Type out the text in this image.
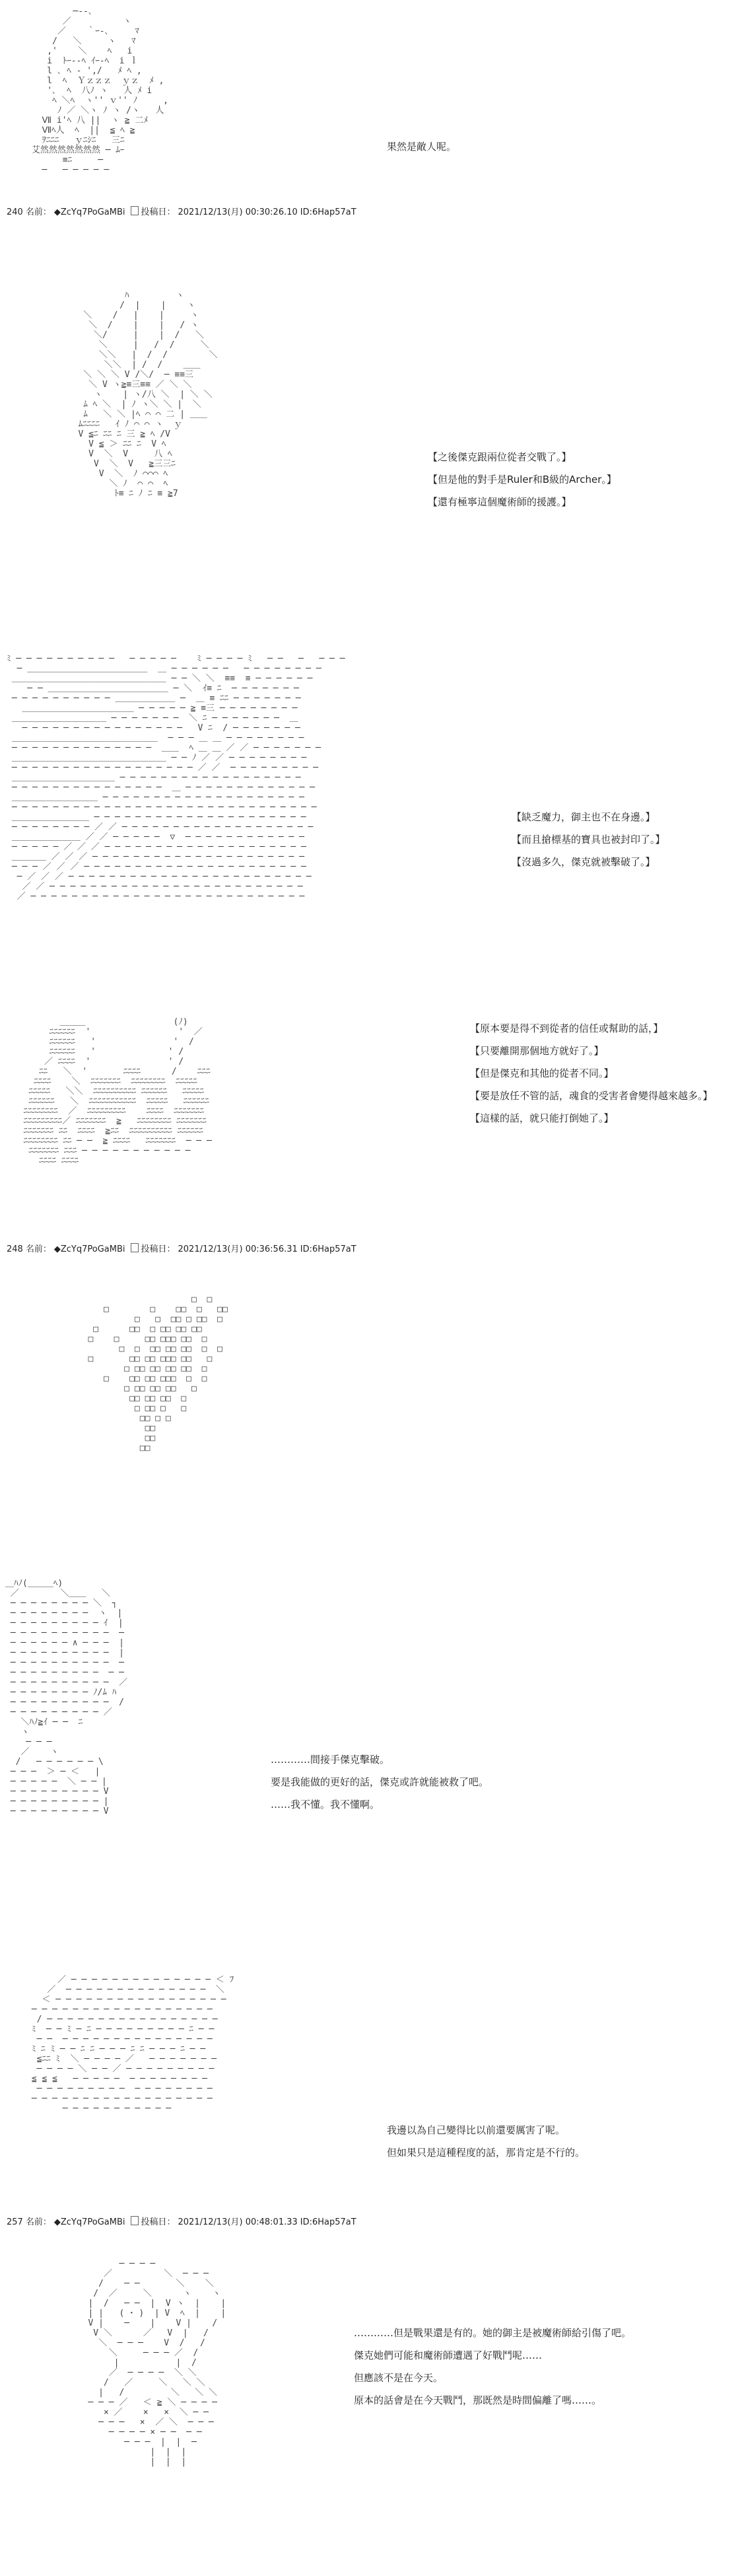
─‐-､
／          ヽ
／    ｀ｰ-､     ﾏ
/   ＼     ヽ   ﾏ
,'    ＼    ﾍ   i
i  ﾄｰ--ﾍ ｲｰ-ﾍ  i ｌ
l ､ ﾍ ‐ ',/   ﾒ ﾍ ,
l  ﾍ  Ｙｚｚｚ  ｙｚ  ﾒ ,
'､  ﾍ  八ﾉ ヽ   人 ﾒ i
ﾍ ＼ﾍ  ヽ'' ｖ'' ﾉ     ,
ﾉ ／ ＼ヽ ﾉ ヽ /ヽ   人
Ⅶ i'ﾍ 八 ||  ヽ ≧ 二ﾒ
Ⅶﾍ人  ﾍ  ||  ≦ ﾍ ≧
ｦﾆﾆﾆ   ｙﾆｼﾆ   三ﾆ
艾然然然然然然然 ─ ﾑｰ
≡ﾆ     ─
─   ─ ─ ─ ─ ─
果然是敵人呢。
240 名前： ◆ZcYq7PoGaMBi 投稿日： 2021/12/13(月) 00:30:26.10 ID:6Hap57aT
ﾊ         ヽ
/  |    |    ヽ
＼    /   |    |     ヽ
＼  /    |    |   / ヽ
＼/     |    |  /   ＼
＼     |   /  /     ＼
＼＼   |  /  /        ＼
＼＼  | /  /    ＿＿
＼ ＼ ＼ V /＼/  ─ ≡≡三
＼ V ヽ≧≡三≡≡ ／ ＼ ＼
ヽ    | ヽ/八 ＼  | ＼ ＼
ﾑ ﾍ ＼  | ﾉ ヽ＼ ＼ |  ＼
ﾑ   ＼ ＼ |ﾍ ⌒ ⌒ 二 | ＿＿
ﾑﾆﾆﾆﾆ   ｲ ﾉ ⌒ ⌒ ヽ  ｙ
V ≦ﾆ ﾆﾆ ﾆ 三 ≧ ﾍ /V
V ≦ ＞ ﾆﾆ ﾆ  V ﾍ
V  ＼  V     八 ﾍ
V  ＼  V   ≧三三ﾆ
V  ＼  ﾉ ⌒⌒⌒ ﾍ
＼ ﾉ  ⌒ ⌒  ﾍ
ﾄ≡ ﾆ ﾉ ﾆ ≡ ≧7
【之後傑克跟兩位從者交戰了。】
【但是他的對手是Ruler和B級的Archer。】
【還有極寧這個魔術師的援護。】
ﾐ ─ ─ ─ ─ ─ ─ ─ ─ ─ ─   ─ ─ ─ ─ ─    ﾐ ─ ─ ─ ─ ﾐ   ─ ─   ─   ─ ─ ─
─ ＿＿＿＿＿＿＿＿＿＿＿＿＿＿  ＿ ─ ─ ─ ─ ─ ─   ─ ─ ─ ─ ─ ─ ─ ─
＿＿＿＿＿＿＿＿＿＿＿＿＿＿＿＿＿＿ ─ ─ ＼ ＼  ≡≡  ≡ ─ ─ ─ ─ ─ ─
─ ─ ＿＿＿＿＿＿＿＿＿＿＿＿＿＿ ─ ＼  ｲ≡ ﾆ  ─ ─ ─ ─ ─ ─ ─
─ ─ ─ ─ ─ ─ ─ ─ ─ ─ ＿＿＿＿＿＿＿ ─  ＿ ≡ ﾆﾆ ─ ─ ─ ─ ─ ─ ─
＿＿＿＿＿＿＿＿＿＿＿＿＿ ─ ─ ─ ─ ─ ≧ ≡三 ─ ─ ─ ─ ─ ─ ─ ─
＿＿＿＿＿＿＿＿＿＿＿ ─ ─ ─ ─ ─ ─ ─  ＼ ﾆ ─ ─ ─ ─ ─ ─ ─  ＿
─ ─ ─ ─ ─ ─ ─ ─ ─ ─ ─ ─ ─ ─ ─ ─   V ﾆ  / ─ ─ ─ ─ ─ ─ ─
＿＿＿＿＿＿＿＿＿＿＿＿＿＿＿＿＿  ─ ─ ─ ＿ ＿ ─ ─ ─ ─ ─ ─ ─ ─
─ ─ ─ ─ ─ ─ ─ ─ ─ ─ ─ ─ ─ ─  ＿＿  ﾍ ＿ ＿ ／ ／ ─ ─ ─ ─ ─ ─ ─
＿＿＿＿＿＿＿＿＿＿＿＿＿＿＿＿＿＿ ─ ─ ﾉ ／ ／ ─ ─ ─ ─ ─ ─ ─ ─
─ ─ ─ ─ ─ ─ ─ ─ ─ ─ ─ ─ ─ ─ ─ ─ ─ ─ ／ ／  ─ ─ ─ ─ ─ ─ ─ ─ ─
＿＿＿＿＿＿＿＿＿＿＿＿ ─ ─ ─ ─ ─ ─ ─ ─ ─ ─ ─ ─ ─ ─ ─ ─ ─ ─
─ ─ ─ ─ ─ ─ ─ ─ ─ ─ ─ ─ ─ ─ ─  ＿ ─ ─ ─ ─ ─ ─ ─ ─ ─ ─ ─ ─ ─
＿＿＿＿＿＿＿＿＿＿ ─ ─ ─ ─ ─ ─ ─ ─ ─ ─ ─ ─ ─ ─ ─ ─ ─ ─ ─ ─
─ ─ ─ ─ ─ ─ ─ ─ ─ ─ ─ ─ ─ ─ ─ ─ ─ ─ ─ ─ ─ ─ ─ ─ ─ ─ ─ ─ ─ ─
＿＿＿＿＿＿＿＿＿ ─ ─ ─ ─ ─ ─ ─ ─ ─ ─ ─ ─ ─ ─ ─ ─ ─ ─ ─ ─ ─
─ ─ ─ ─ ─ ─ ─ ─ ／ ／ ─ ─ ─ ─ ─ ─ ─ ─ ─ ─ ─ ─ ─ ─ ─ ─ ─ ─ ─
＿＿＿＿＿＿＿＿ ／ ／ ─ ─ ─ ─ ─  ▽  ─ ─ ─ ─ ─ ─ ─ ─ ─ ─ ─ ─
─ ─ ─ ─ ─ ／ ／ ／ ─ ─ ─ ─ ─ ─ ─ ─ ─ ─ ─ ─ ─ ─ ─ ─ ─ ─ ─ ─
＿＿＿＿ ／ ／ ／ ─ ─ ─ ─ ─ ─ ─ ─ ─ ─ ─ ─ ─ ─ ─ ─ ─ ─ ─ ─ ─
─ ─ ─ ／ ／ ／ ─ ─ ─ ─ ─ ─ ─ ─ ─ ─ ─ ─ ─ ─ ─ ─ ─ ─ ─ ─ ─ ─
─ ／ ／ ／ ─ ─ ─ ─ ─ ─ ─ ─ ─ ─ ─ ─ ─ ─ ─ ─ ─ ─ ─ ─ ─ ─ ─ ─
／ ／ ─ ─ ─ ─ ─ ─ ─ ─ ─ ─ ─ ─ ─ ─ ─ ─ ─ ─ ─ ─ ─ ─ ─ ─ ─
／ ─ ─ ─ ─ ─ ─ ─ ─ ─ ─ ─ ─ ─ ─ ─ ─ ─ ─ ─ ─ ─ ─ ─ ─ ─ ─ ─
【缺乏魔力，御主也不在身邊。】
【而且搶標基的寶具也被封印了。】
【沒過多久，傑克就被擊破了。】
＿＿＿                 (ﾉ)
ﾆﾆﾆﾆﾆﾆ  '                 '  ／
ﾆﾆﾆﾆﾆﾆ   '               '  /
ﾆﾆﾆﾆﾆﾆ   '              ' /
／ ﾆﾆﾆﾆ  '               ' /
ﾆﾆ   ＼  '       ﾆﾆﾆﾆ      /    ﾆﾆﾆ
ﾆﾆﾆﾆ    ＼  ﾆﾆﾆﾆﾆﾆﾆ  ﾆﾆﾆﾆﾆﾆﾆﾆ  ﾆﾆﾆﾆﾆ
ﾆﾆﾆﾆﾆ   ＼＼  ﾆﾆﾆﾆﾆﾆﾆﾆﾆﾆ ﾆﾆﾆﾆﾆﾆ   ﾆﾆﾆﾆﾆ
ﾆﾆﾆﾆﾆﾆ   ＼  ﾆﾆﾆﾆﾆﾆﾆﾆﾆﾆﾆ  ﾆﾆﾆﾆﾆ   ﾆﾆﾆﾆﾆﾆ
ﾆﾆﾆﾆﾆﾆﾆﾆ  ／  ﾆﾆﾆﾆﾆﾆﾆﾆﾆ    ﾆﾆﾆﾆ  ﾆﾆﾆﾆﾆﾆﾆ
ﾆﾆﾆﾆﾆﾆﾆﾆﾆ／ ﾆﾆﾆﾆﾆﾆﾆ  ≧   ﾆﾆﾆﾆﾆﾆﾆﾆ ﾆﾆﾆﾆﾆﾆﾆ
ﾆﾆﾆﾆﾆﾆﾆ ﾆﾆ  ﾆﾆﾆﾆ  ≧ﾆﾆ  ﾆﾆﾆﾆﾆﾆﾆﾆﾆﾆ ﾆﾆﾆﾆﾆﾆ
ﾆﾆﾆﾆﾆﾆﾆﾆ ﾆﾆ ─ ─  ≧ ﾆﾆﾆﾆ   ﾆﾆﾆﾆﾆﾆﾆ  ─ ─ ─
ﾆﾆﾆﾆﾆﾆﾆ ﾆﾆﾆ ─ ─ ─ ─ ─ ─ ─ ─ ─ ─ ─
ﾆﾆﾆﾆ ﾆﾆﾆﾆ
【原本要是得不到從者的信任或幫助的話，】
【只要離開那個地方就好了。】
【但是傑克和其他的從者不同。】
【要是放任不管的話，魂食的受害者會變得越來越多。】
【這樣的話，就只能打倒她了。】
248 名前： ◆ZcYq7PoGaMBi 投稿日： 2021/12/13(月) 00:36:56.31 ID:6Hap57aT
□  □
□        □    □□  □   □□
□   □  □□ □ □□  □
□      □□  □ □□ □□ □□
□    □     □□ □□□ □□  □
□  □  □□ □□ □□  □  □
□       □□ □□ □□□ □□   □
□ □□ □□ □□ □□  □
□    □□ □□ □□□  □  □
□ □□ □□ □□   □
□□ □□ □□  □
□ □□ □   □
□□ □ □
□□
□□
□□
＿ﾊﾉ(＿＿＿ﾍ)
／        ＼＿＿   ＼
─ ─ ─ ─ ─ ─ ─ ─ ＼  ┐
─ ─ ─ ─ ─ ─ ─ ─  ヽ  |
─ ─ ─ ─ ─ ─ ─ ─ ─ ｲ  |
─ ─ ─ ─ ─ ─ ─ ─ ─ ─  ─
─ ─ ─ ─ ─ ─ ∧ ─ ─ ─  |
─ ─ ─ ─ ─ ─ ─ ─ ─ ─  |
─ ─ ─ ─ ─ ─ ─ ─ ─ ─  ─
─ ─ ─ ─ ─ ─ ─ ─ ─  ─ ─
─ ─ ─ ─ ─ ─ ─ ─ ─ ─  ／
─ ─ ─ ─ ─ ─ ─ ─ ﾉ/ﾑ ﾊ
─ ─ ─ ─ ─ ─ ─ ─ ─ ─  /
─ ─ ─ ─ ─ ─ ─ ─ ─ ／
＼ﾊﾉ≧ｲ ─ ─  ﾆ
ヽ
─ ─ ─
／    ヽ
/   ─ ─ ─ ─ ─ ─ \
─ ─ ─  ＞ ─ ＜   |
─ ─ ─ ─ ─  ＼ ─ ─ |
─ ─ ─ ─ ─ ─ ─ ─ ─ V
─ ─ ─ ─ ─ ─ ─ ─ ─ |
─ ─ ─ ─ ─ ─ ─ ─ ─ V
…………間接手傑克擊破。
要是我能做的更好的話，傑克或許就能被救了吧。
……我不懂。我不懂啊。
／ ─ ─ ─ ─ ─ ─ ─ ─ ─ ─ ─ ─ ─ ─ ＜ ﾌ
／  ─ ─ ─ ─ ─ ─ ─ ─ ─ ─ ─ ─ ─ ─  ＼
＜ ─ ─ ─ ─ ─ ─ ─ ─ ─ ─ ─ ─ ─ ─ ─ ─ ─
─ ─ ─ ─ ─ ─ ─ ─ ─ ─ ─ ─ ─ ─ ─ ─ ─ ─
/ ─ ─ ─ ─ ─ ─ ─ ─ ─ ─ ─ ─ ─ ─ ─ ─ ─
ﾐ  ─ ─ ﾐ ─ ﾆ ─ ─ ─ ─ ─ ─ ─ ─ ─ ﾆ ─ ─
─ ─  ─ ─ ─ ─ ─ ─ ─ ─ ─ ─ ─ ─ ─ ─ ─
ﾐ ﾆ ﾐ ─ ─ ﾆ ﾆ ─ ─ ─ ﾆ ﾆ ─ ─ ─ ﾆ ─ ─
≦ﾆﾆ ﾐ  ＼ ─ ─ ─ ─ ／   ─ ─ ─ ─ ─ ─ ─
─ ─ ─ ─ ＼ ─ ─ ／ ─ ─ ─ ─ ─ ─ ─ ─ ─
≦ ≦ ≦   ─ ─ ─ ─ ─  ─ ─ ─ ─ ─ ─ ─ ─
─ ─ ─ ─ ─ ─ ─ ─ ─  ─ ─ ─ ─ ─ ─ ─ ─
─ ─ ─ ─ ─ ─ ─ ─ ─ ─ ─ ─ ─ ─ ─ ─ ─ ─
─ ─ ─ ─ ─ ─ ─ ─ ─ ─ ─
我邊以為自己變得比以前還要厲害了呢。
但如果只是這種程度的話，那肯定是不行的。
257 名前： ◆ZcYq7PoGaMBi 投稿日： 2021/12/13(月) 00:48:01.33 ID:6Hap57aT
─ ─ ─ ─
／          ＼  ─ ─ ─
/    ─ ─       ＼    ＼
/  ／     ＼      ヽ    ヽ
|  /   ─ ─  |  V ヽ  |    |
| |   ( ･ )  | V  ﾍ  |    |
V |    ─    |    V |    /
V ＼      ／   V  |   /
＼  ─ ─ ─    V  /   /
＼     ─ ─ ─ ／  /
|           |  /
／  ─ ─ ─ ─  ＼ ＼
/   ／     ＼   ＼ ＼
|   /         ＼   ＼ ＼
─ ─ ─ ／   ＜ ≧ ＼ ─ ─ ─ ─
× ／    ×   ×  ＼ ─ ─
─ ─ ─   ×  ／ ＼  ─ ─ ─
─ ─ ─ ─ × ─ ─  ─ ─
─ ─ ─  |  |  ─
|  |  |
|  |  |
…………但是戰果還是有的。她的御主是被魔術師給引傷了吧。
傑克她們可能和魔術師遭遇了好戰鬥呢……
但應該不是在今天。
原本的話會是在今天戰鬥，那既然是時間偏離了嗎……。
